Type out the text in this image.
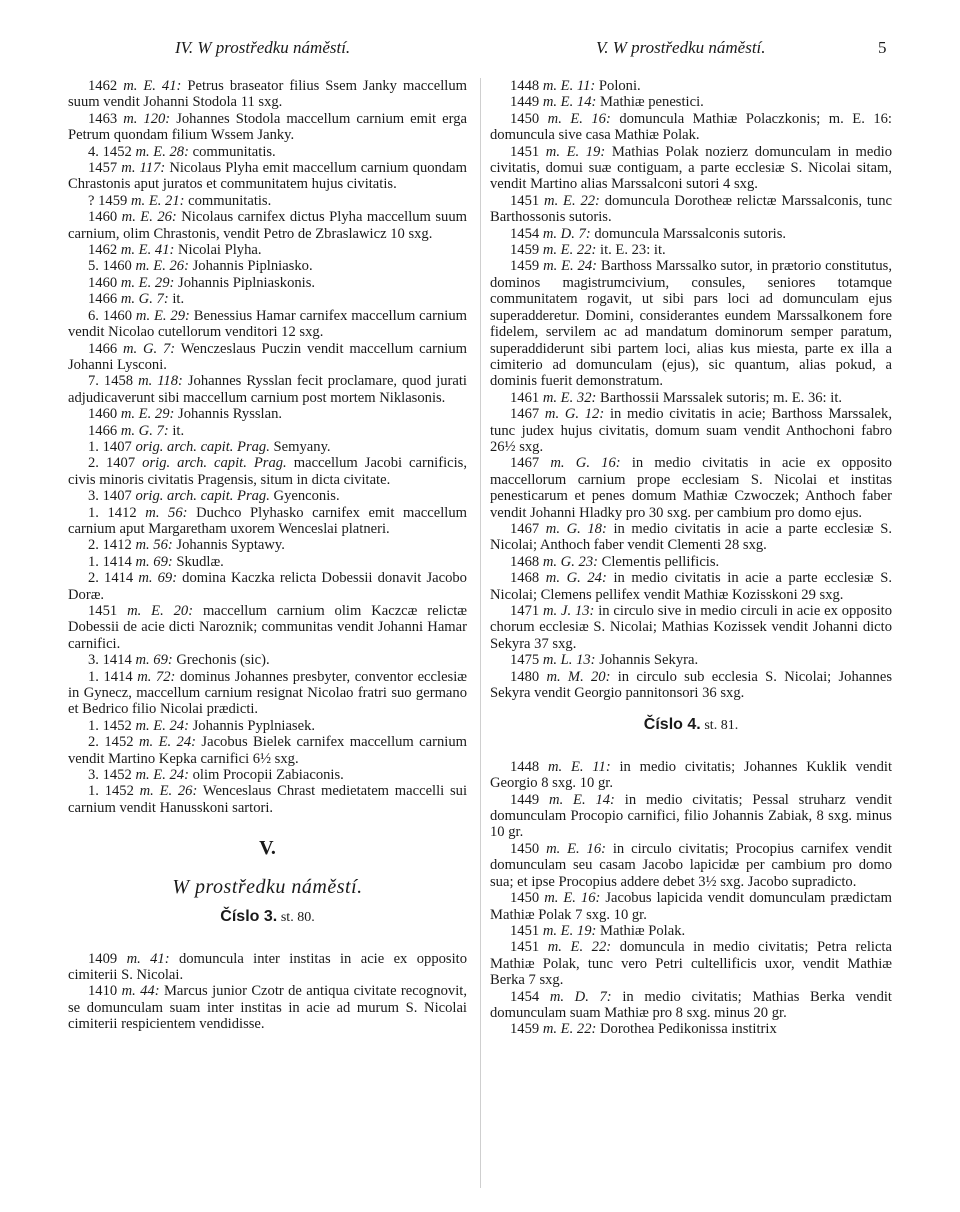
IV. W prostředku náměstí.	V. W prostředku náměstí.	5

1462 m. E. 41: Petrus braseator filius Ssem Janky maccellum suum vendit Johanni Stodola 11 sxg.

1463 m. 120: Johannes Stodola maccellum carnium emit erga Petrum quondam filium Wssem Janky.

4. 1452 m. E. 28: communitatis.

1457 m. 117: Nicolaus Plyha emit maccellum carnium quondam Chrastonis aput juratos et communitatem hujus civitatis.

? 1459 m. E. 21: communitatis.

1460 m. E. 26: Nicolaus carnifex dictus Plyha maccellum suum carnium, olim Chrastonis, vendit Petro de Zbraslawicz 10 sxg.

1462 m. E. 41: Nicolai Plyha.

5. 1460 m. E. 26: Johannis Piplniasko.

1460 m. E. 29: Johannis Piplniaskonis.

1466 m. G. 7: it.

6. 1460 m. E. 29: Benessius Hamar carnifex maccellum carnium vendit Nicolao cutellorum venditori 12 sxg.

1466 m. G. 7: Wenczeslaus Puczin vendit maccellum carnium Johanni Lysconi.

7. 1458 m. 118: Johannes Rysslan fecit proclamare, quod jurati adjudicaverunt sibi maccellum carnium post mortem Niklasonis.

1460 m. E. 29: Johannis Rysslan.

1466 m. G. 7: it.

1. 1407 orig. arch. capit. Prag. Semyany.

2. 1407 orig. arch. capit. Prag. maccellum Jacobi carnificis, civis minoris civitatis Pragensis, situm in dicta civitate.

3. 1407 orig. arch. capit. Prag. Gyenconis.

1. 1412 m. 56: Duchco Plyhasko carnifex emit maccellum carnium aput Margaretham uxorem Wenceslai platneri.

2. 1412 m. 56: Johannis Syptawy.

1. 1414 m. 69: Skudlæ.

2. 1414 m. 69: domina Kaczka relicta Dobessii donavit Jacobo Doræ.

1451 m. E. 20: maccellum carnium olim Kaczcæ relictæ Dobessii de acie dicti Naroznik; communitas vendit Johanni Hamar carnifici.

3. 1414 m. 69: Grechonis (sic).

1. 1414 m. 72: dominus Johannes presbyter, conventor ecclesiæ in Gynecz, maccellum carnium resignat Nicolao fratri suo germano et Bedrico filio Nicolai prædicti.

1. 1452 m. E. 24: Johannis Pyplniasek.

2. 1452 m. E. 24: Jacobus Bielek carnifex maccellum carnium vendit Martino Kepka carnifici 6½ sxg.

3. 1452 m. E. 24: olim Procopii Zabiaconis.

1. 1452 m. E. 26: Wenceslaus Chrast medietatem maccelli sui carnium vendit Hanusskoni sartori.

V.
W prostředku náměstí.
Číslo 3. st. 80.

1409 m. 41: domuncula inter institas in acie ex opposito cimiterii S. Nicolai.

1410 m. 44: Marcus junior Czotr de antiqua civitate recognovit, se domunculam suam inter institas in acie ad murum S. Nicolai cimiterii respicientem vendidisse.

1448 m. E. 11: Poloni.

1449 m. E. 14: Mathiæ penestici.

1450 m. E. 16: domuncula Mathiæ Polaczkonis; m. E. 16: domuncula sive casa Mathiæ Polak.

1451 m. E. 19: Mathias Polak nozierz domunculam in medio civitatis, domui suæ contiguam, a parte ecclesiæ S. Nicolai sitam, vendit Martino alias Marssalconi sutori 4 sxg.

1451 m. E. 22: domuncula Dorotheæ relictæ Marssalconis, tunc Barthossonis sutoris.

1454 m. D. 7: domuncula Marssalconis sutoris.

1459 m. E. 22: it. E. 23: it.

1459 m. E. 24: Barthoss Marssalko sutor, in prætorio constitutus, dominos magistrumcivium, consules, seniores totamque communitatem rogavit, ut sibi pars loci ad domunculam ejus superadderetur. Domini, considerantes eundem Marssalkonem fore fidelem, servilem ac ad mandatum dominorum semper paratum, superaddiderunt sibi partem loci, alias kus miesta, parte ex illa a cimiterio ad domunculam (ejus), sic quantum, alias pokud, a dominis fuerit demonstratum.

1461 m. E. 32: Barthossii Marssalek sutoris; m. E. 36: it.

1467 m. G. 12: in medio civitatis in acie; Barthoss Marssalek, tunc judex hujus civitatis, domum suam vendit Anthochoni fabro 26½ sxg.

1467 m. G. 16: in medio civitatis in acie ex opposito maccellorum carnium prope ecclesiam S. Nicolai et institas penesticarum et penes domum Mathiæ Czwoczek; Anthoch faber vendit Johanni Hladky pro 30 sxg. per cambium pro domo ejus.

1467 m. G. 18: in medio civitatis in acie a parte ecclesiæ S. Nicolai; Anthoch faber vendit Clementi 28 sxg.

1468 m. G. 23: Clementis pellificis.

1468 m. G. 24: in medio civitatis in acie a parte ecclesiæ S. Nicolai; Clemens pellifex vendit Mathiæ Kozisskoni 29 sxg.

1471 m. J. 13: in circulo sive in medio circuli in acie ex opposito chorum ecclesiæ S. Nicolai; Mathias Kozissek vendit Johanni dicto Sekyra 37 sxg.

1475 m. L. 13: Johannis Sekyra.

1480 m. M. 20: in circulo sub ecclesia S. Nicolai; Johannes Sekyra vendit Georgio pannitonsori 36 sxg.

Číslo 4. st. 81.

1448 m. E. 11: in medio civitatis; Johannes Kuklik vendit Georgio 8 sxg. 10 gr.

1449 m. E. 14: in medio civitatis; Pessal struharz vendit domunculam Procopio carnifici, filio Johannis Zabiak, 8 sxg. minus 10 gr.

1450 m. E. 16: in circulo civitatis; Procopius carnifex vendit domunculam seu casam Jacobo lapicidæ per cambium pro domo sua; et ipse Procopius addere debet 3½ sxg. Jacobo supradicto.

1450 m. E. 16: Jacobus lapicida vendit domunculam prædictam Mathiæ Polak 7 sxg. 10 gr.

1451 m. E. 19: Mathiæ Polak.

1451 m. E. 22: domuncula in medio civitatis; Petra relicta Mathiæ Polak, tunc vero Petri cultellificis uxor, vendit Mathiæ Berka 7 sxg.

1454 m. D. 7: in medio civitatis; Mathias Berka vendit domunculam suam Mathiæ pro 8 sxg. minus 20 gr.

1459 m. E. 22: Dorothea Pedikonissa institrix
